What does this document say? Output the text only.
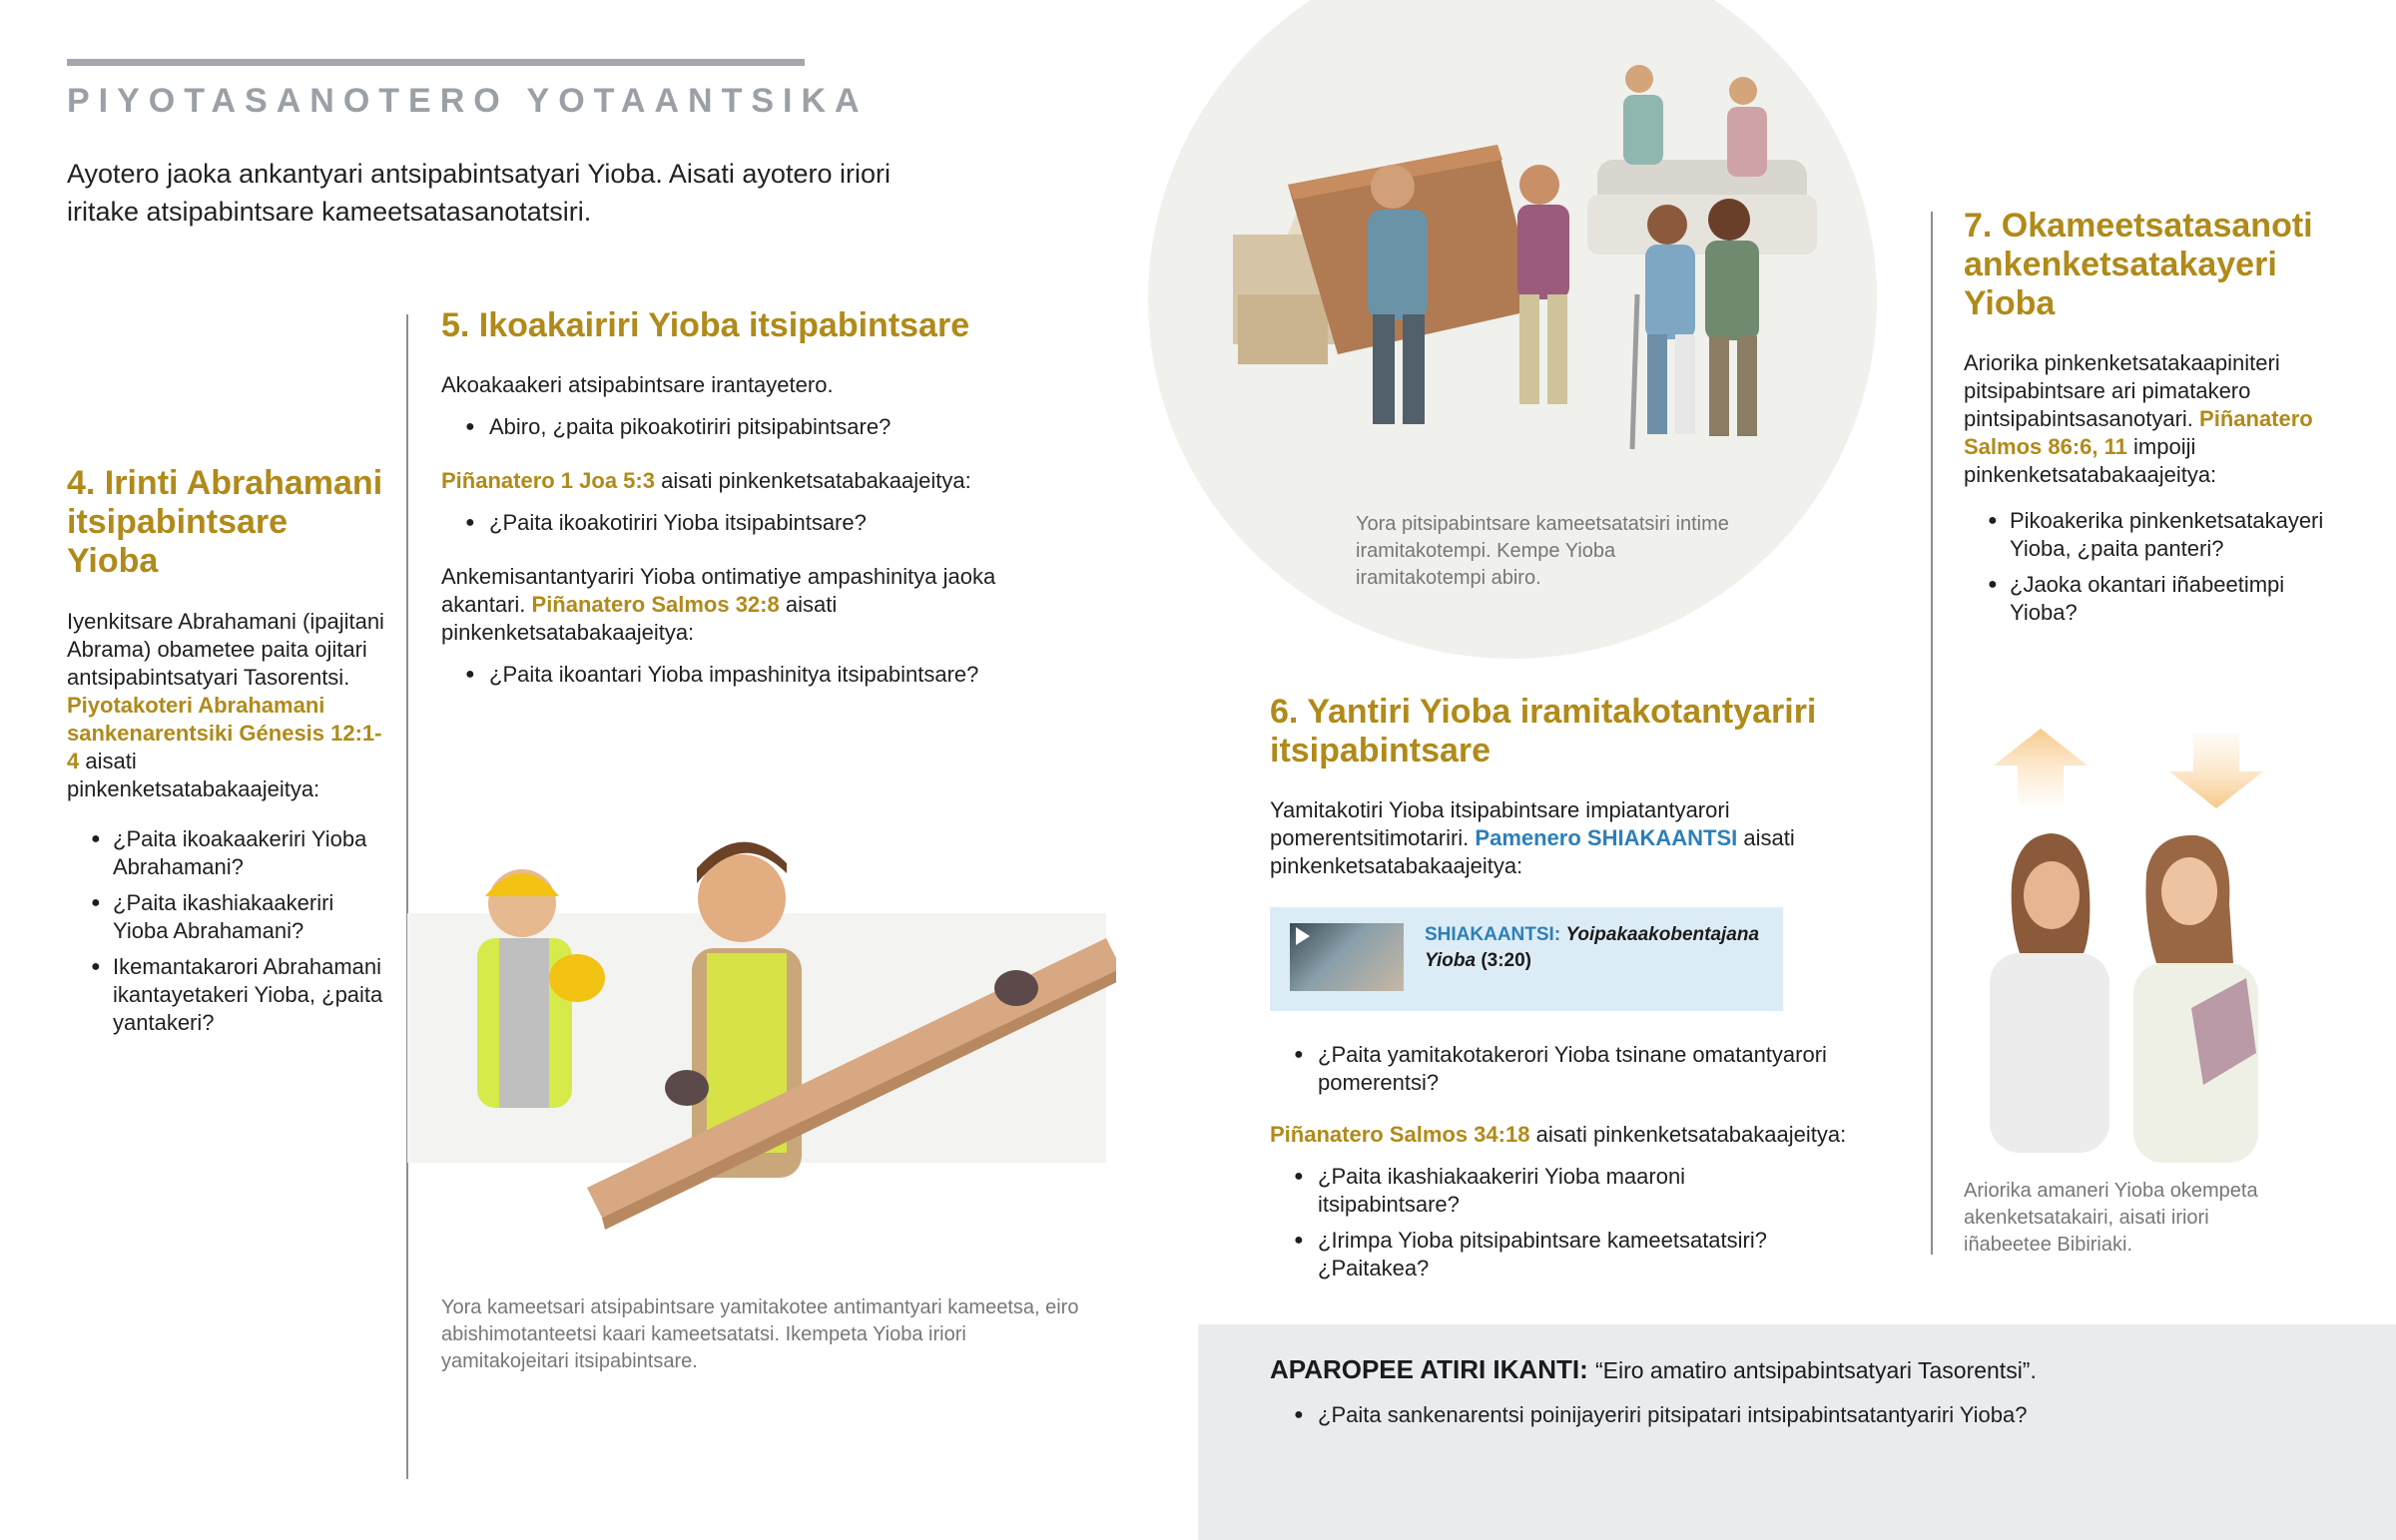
PIYOTASANOTERO YOTAANTSIKA
Ayotero jaoka ankantyari antsipabintsatyari Yioba. Aisati ayotero iriori iritake atsipabintsare kameetsatasanotatsiri.
4. Irinti Abrahamani itsipabintsare Yioba

Iyenkitsare Abrahamani (ipajitani Abrama) obametee paita ojitari antsipabintsatyari Tasorentsi. Piyotakoteri Abrahamani sankenarentsiki Génesis 12:1-4 aisati pinkenketsatabakaajeitya:

● ¿Paita ikoakaakeriri Yioba Abrahamani?
● ¿Paita ikashiakaakeriri Yioba Abrahamani?
● Ikemantakarori Abrahamani ikantayetakeri Yioba, ¿paita yantakeri?
5. Ikoakairiri Yioba itsipabintsare

Akoakaakeri atsipabintsare irantayetero.

● Abiro, ¿paita pikoakotiriri pitsipabintsare?

Piñanatero 1 Joa 5:3 aisati pinkenketsatabakaajeitya:

● ¿Paita ikoakotiriri Yioba itsipabintsare?

Ankemisantantyariri Yioba ontimatiye ampashinitya jaoka akantari. Piñanatero Salmos 32:8 aisati pinkenketsatabakaajeitya:

● ¿Paita ikoantari Yioba impashinitya itsipabintsare?
Yora kameetsari atsipabintsare yamitakotee antimantyari kameetsa, eiro abishimotanteetsi kaari kameetsatatsi. Ikempeta Yioba iriori yamitakojeitari itsipabintsare.
Yora pitsipabintsare kameetsatatsiri intime iramitakotempi. Kempe Yioba iramitakotempi abiro.
6. Yantiri Yioba iramitakotantyariri itsipabintsare

Yamitakotiri Yioba itsipabintsare impiatantyarori pomerentsitimotariri. Pamenero SHIAKAANTSI aisati pinkenketsatabakaajeitya:

SHIAKAANTSI: Yoipakaakobentajana Yioba (3:20)
● ¿Paita yamitakotakerori Yioba tsinane omatantyarori pomerentsi?

Piñanatero Salmos 34:18 aisati pinkenketsatabakaajeitya:

● ¿Paita ikashiakaakeriri Yioba maaroni itsipabintsare?
● ¿Irimpa Yioba pitsipabintsare kameetsatatsiri? ¿Paitakea?
7. Okameetsatasanoti ankenketsatakayeri Yioba

Ariorika pinkenketsatakaapiniteri pitsipabintsare ari pimatakero pintsipabintsasanotyari. Piñanatero Salmos 86:6, 11 impoiji pinkenketsatabakaajeitya:

● Pikoakerika pinkenketsatakayeri Yioba, ¿paita panteri?
● ¿Jaoka okantari iñabeetimpi Yioba?
Ariorika amaneri Yioba okempeta akenketsatakairi, aisati iriori iñabeetee Bibiriaki.

APAROPEE ATIRI IKANTI: “Eiro amatiro antsipabintsatyari Tasorentsi”.

● ¿Paita sankenarentsi poinijayeriri pitsipatari intsipabintsatantyariri Yioba?
